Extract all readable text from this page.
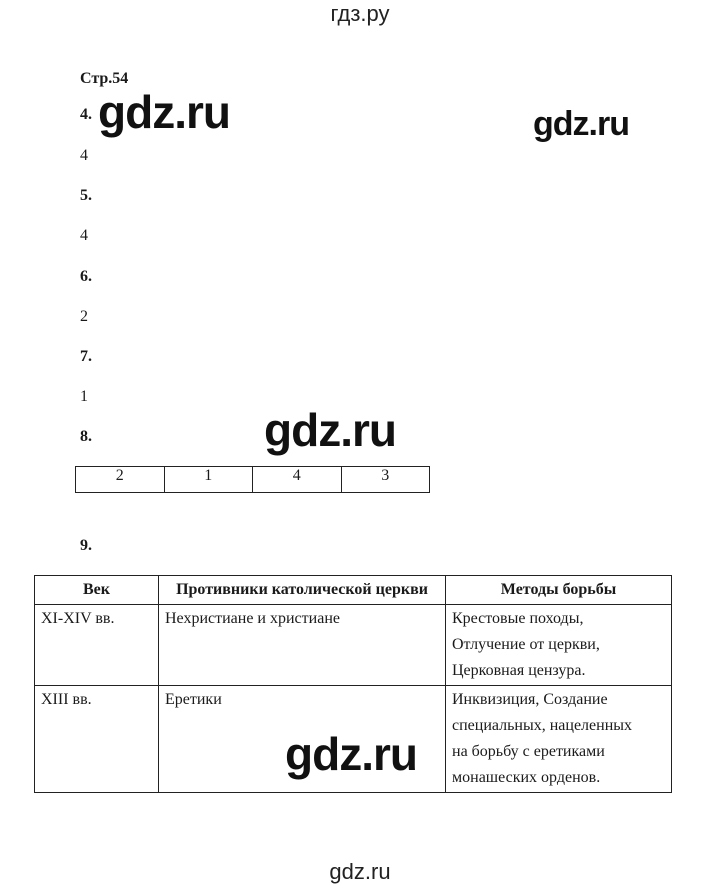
гдз.ру
Стр.54
4.
4
5.
4
6.
2
7.
1
8.
2	1	4	3
9.
Век	Противники католической церкви	Методы борьбы
XI-XIV вв.	Нехристиане и христиане	Крестовые походы,
Отлучение от церкви,
Церковная цензура.

XIII вв.	Еретики	Инквизиция, Создание
специальных, нацеленных
на борьбу с еретиками
монашеских орденов.
gdz.ru	gdz.ru
gdz.ru
gdz.ru
gdz.ru
